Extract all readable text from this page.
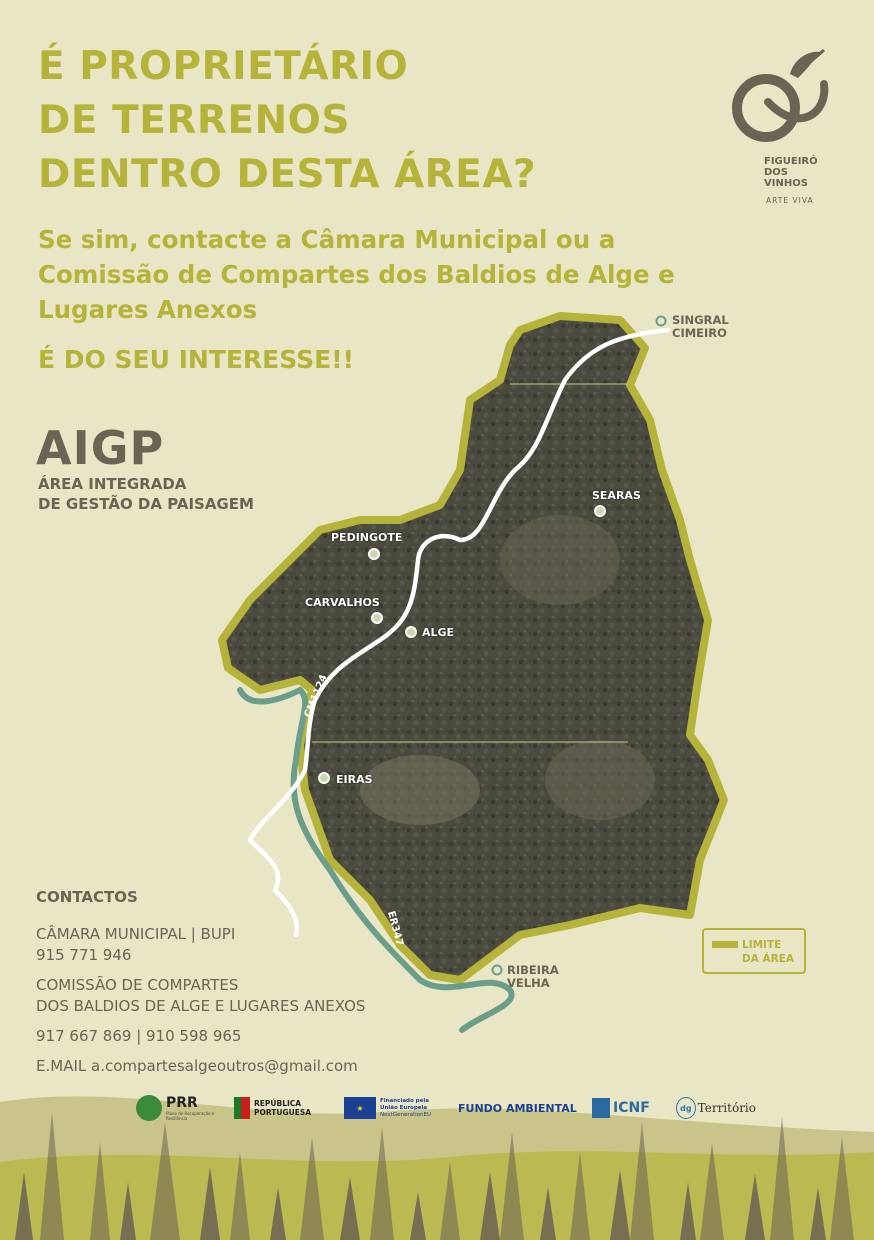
É PROPRIETÁRIO
DE TERRENOS
DENTRO DESTA ÁREA?

Se sim, contacte a Câmara Municipal ou a Comissão de Compartes dos Baldios de Alge e Lugares Anexos

É DO SEU INTERESSE!!

FIGUEIRÓ
DOS
VINHOS

ARTE VIVA

AIGP

ÁREA INTEGRADA
DE GESTÃO DA PAISAGEM
CM1124
ER347
SINGRAL
CIMEIRO
SEARAS
PEDINGOTE
CARVALHOS
ALGE
EIRAS
RIBEIRA
VELHA
LIMITE
DA ÁREA
CONTACTOS
CÂMARA MUNICIPAL | BUPI
915 771 946
COMISSÃO DE COMPARTES
DOS BALDIOS DE ALGE E LUGARES ANEXOS
917 667 869 | 910 598 965
E.MAIL a.compartesalgeoutros@gmail.com
PRR
Plano de Recuperação e Resiliência
REPÚBLICA
PORTUGUESA	★
Financiado pela
União Europeia
NextGenerationEU FUNDO AMBIENTAL	ICNF	dg Território
